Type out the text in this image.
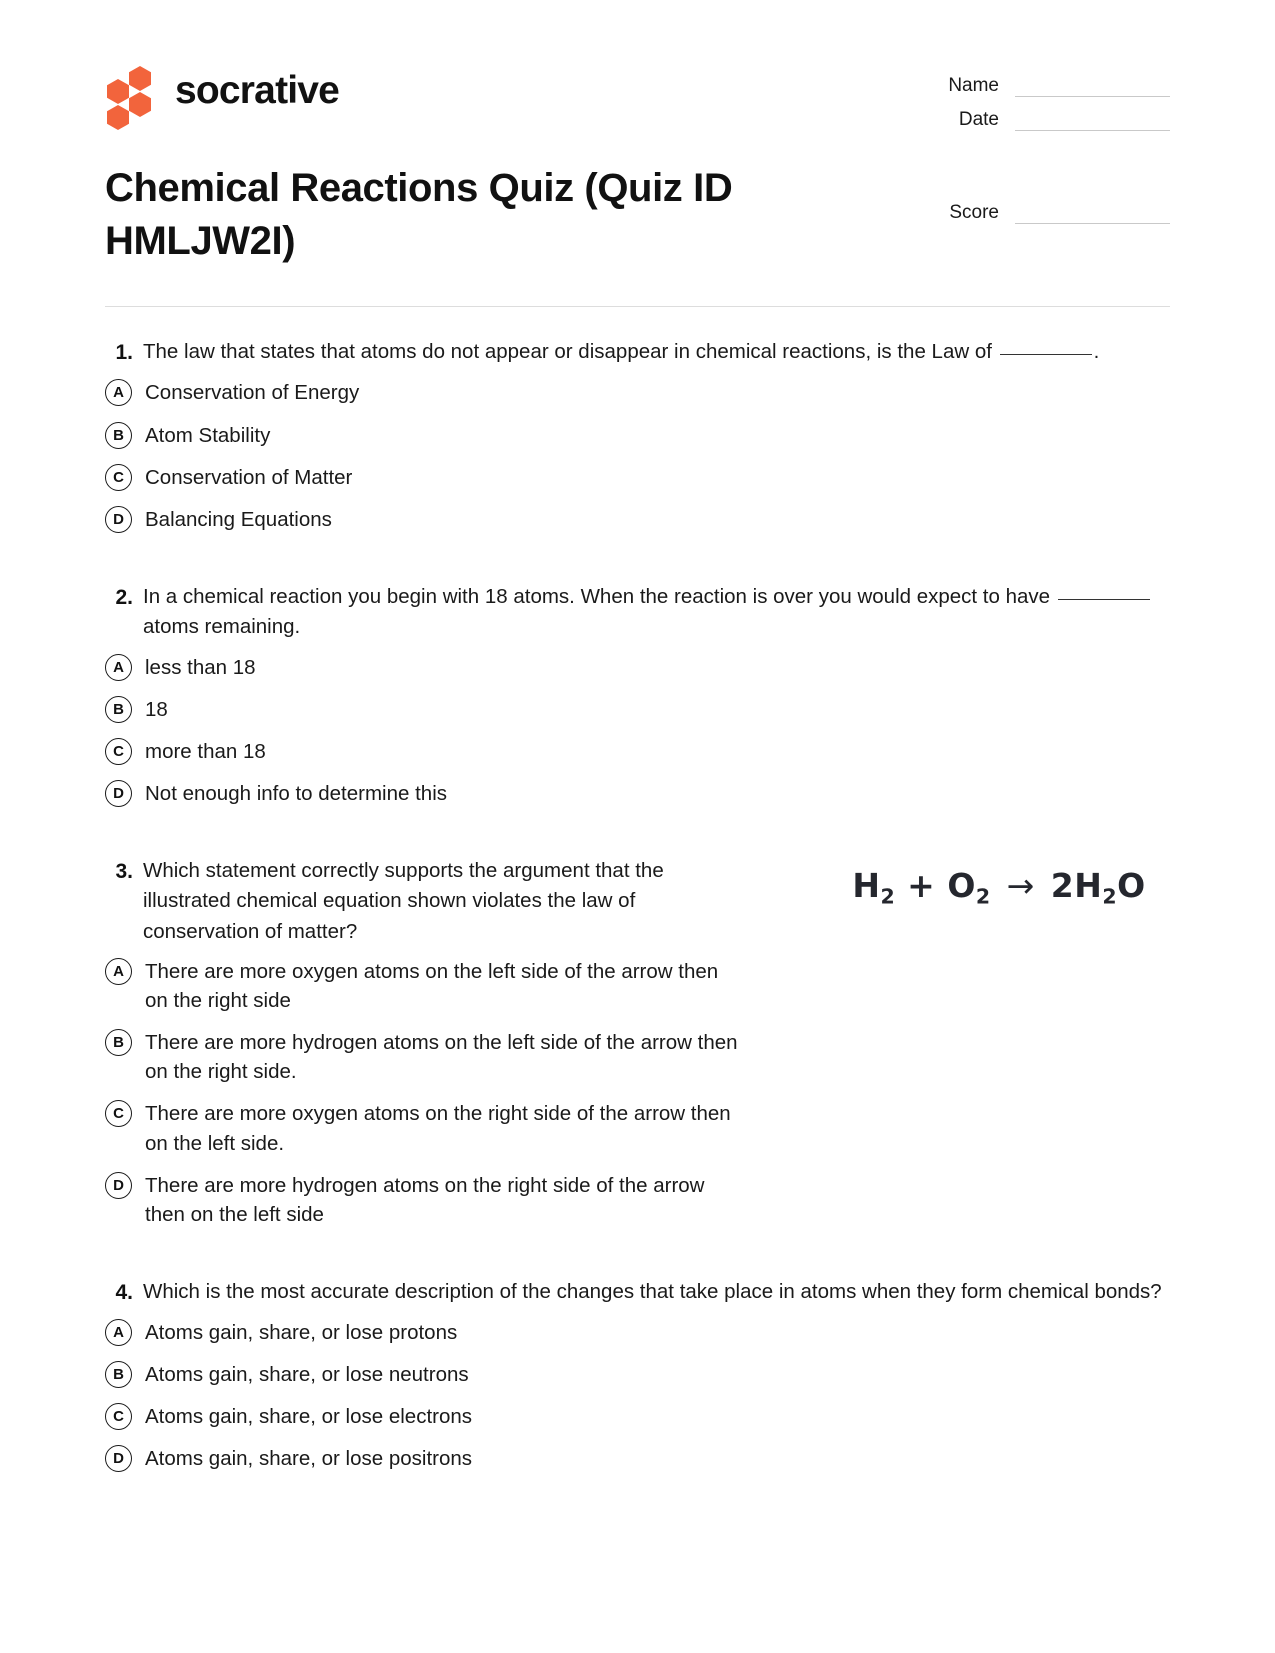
socrative
Chemical Reactions Quiz (Quiz ID HMLJW2I)
Name
Date
Score
1. The law that states that atoms do not appear or disappear in chemical reactions, is the Law of	.
A	Conservation of Energy
B	Atom Stability
C	Conservation of Matter
D	Balancing Equations
2. In a chemical reaction you begin with 18 atoms. When the reaction is over you would expect to have  atoms remaining.
A	less than 18
B	18
C	more than 18
D	Not enough info to determine this
$H_2 + O_2 \to 2H_2O$
3. Which statement correctly supports the argument that the illustrated chemical equation shown violates the law of conservation of matter?
A	There are more oxygen atoms on the left side of the arrow then on the right side
B	There are more hydrogen atoms on the left side of the arrow then on the right side.
C	There are more oxygen atoms on the right side of the arrow then on the left side.
D	There are more hydrogen atoms on the right side of the arrow then on the left side
4. Which is the most accurate description of the changes that take place in atoms when they form chemical bonds?
A	Atoms gain, share, or lose protons
B	Atoms gain, share, or lose neutrons
C	Atoms gain, share, or lose electrons
D	Atoms gain, share, or lose positrons
